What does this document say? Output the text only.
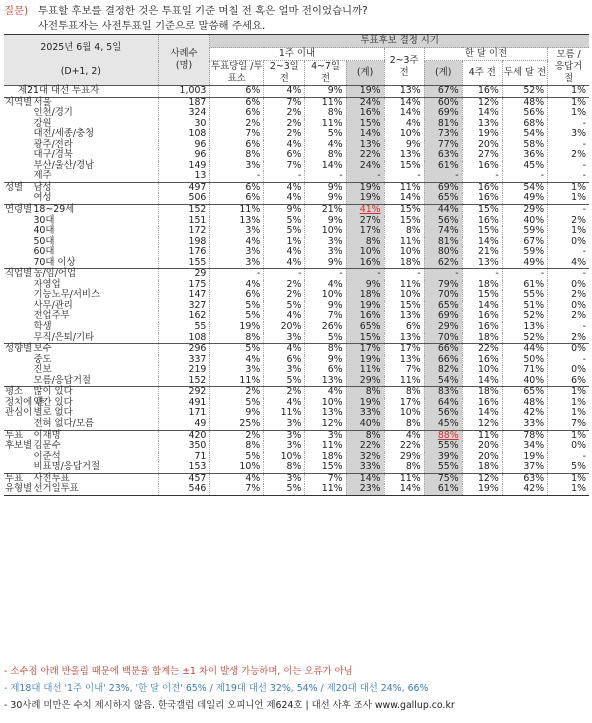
질문) 투표할 후보를 결정한 것은 투표일 기준 며칠 전 혹은 얼마 전이었습니까?
사전투표자는 사전투표일 기준으로 말씀해 주세요.
2025년 6월 4, 5일

(D+1, 2)		사례수 (명)	투표후보 결정 시기								
			1주 이내				2~3주 전	한 달 이전			모름 /응답거절
			투표당일 /투표소	2~3일 전	4~7일 전	(계)		(계)	4주 전	두세 달 전	
제21대 대선 투표자		1,003	6%	4%	9%	19%	13%	67%	16%	52%	1%
지역별	서울	187	6%	7%	11%	24%	14%	60%	12%	48%	1%
	인천/경기	324	6%	2%	8%	16%	14%	69%	14%	56%	1%
	강원	30	2%	2%	11%	15%	4%	81%	13%	68%	-
	대전/세종/충청	108	7%	2%	5%	14%	10%	73%	19%	54%	3%
	광주/전라	96	6%	4%	4%	13%	9%	77%	20%	58%	-
	대구/경북	96	8%	6%	8%	22%	13%	63%	27%	36%	2%
	부산/울산/경남	149	3%	7%	14%	24%	15%	61%	16%	45%	-
	제주	13	-	-	-	-	-	-	-	-	-
성별	남성	497	6%	4%	9%	19%	11%	69%	16%	54%	1%
	여성	506	6%	4%	9%	19%	14%	65%	16%	49%	1%
연령별	18~29세	152	11%	9%	21%	41%	15%	44%	15%	29%	-
	30대	151	13%	5%	9%	27%	15%	56%	16%	40%	2%
	40대	172	3%	5%	10%	17%	8%	74%	15%	59%	1%
	50대	198	4%	1%	3%	8%	11%	81%	14%	67%	0%
	60대	176	3%	4%	3%	10%	10%	80%	21%	59%	-
	70대 이상	155	3%	4%	9%	16%	18%	62%	13%	49%	4%
직업별	농/임/어업	29	-	-	-	-	-	-	-	-	-
	자영업	175	4%	2%	4%	9%	11%	79%	18%	61%	0%
	기능노무/서비스	147	6%	2%	10%	18%	10%	70%	15%	55%	2%
	사무/관리	327	5%	5%	9%	19%	15%	65%	14%	51%	0%
	전업주부	162	5%	4%	7%	16%	13%	69%	16%	52%	2%
	학생	55	19%	20%	26%	65%	6%	29%	16%	13%	-
	무직/은퇴/기타	108	8%	3%	5%	15%	13%	70%	18%	52%	2%
성향별	보수	296	5%	4%	8%	17%	17%	66%	22%	44%	0%
	중도	337	4%	6%	9%	19%	13%	66%	16%	50%	-
	진보	219	3%	3%	6%	11%	7%	82%	10%	71%	0%
	모름/응답거절	152	11%	5%	13%	29%	11%	54%	14%	40%	6%
평소	많이 있다	292	2%	2%	4%	8%	8%	83%	18%	65%	1%
정치에 관	약간 있다	491	5%	4%	10%	19%	17%	64%	16%	48%	1%
관심이	별로 없다	171	9%	11%	13%	33%	10%	56%	14%	42%	1%
	전혀 없다/모름	49	25%	3%	12%	40%	8%	45%	12%	33%	7%
투표	이재명	420	2%	3%	3%	8%	4%	88%	11%	78%	1%
후보별	김문수	350	8%	3%	11%	22%	22%	55%	20%	34%	0%
	이준석	71	5%	10%	18%	32%	29%	39%	20%	19%	-
	비표명/응답거절	153	10%	8%	15%	33%	8%	55%	18%	37%	5%
투표	사전투표	457	4%	3%	7%	14%	11%	75%	12%	63%	1%
유형별	선거일투표	546	7%	5%	11%	23%	14%	61%	19%	42%	1%
- 소수점 아래 반올림 때문에 백분율 합계는 ±1 차이 발생 가능하며, 이는 오류가 아님
- 제18대 대선 '1주 이내' 23%, '한 달 이전' 65% / 제19대 대선 32%, 54% / 제20대 대선 24%, 66%
- 30사례 미만은 수치 제시하지 않음. 한국갤럽 데일리 오피니언 제624호 | 대선 사후 조사 www.gallup.co.kr
